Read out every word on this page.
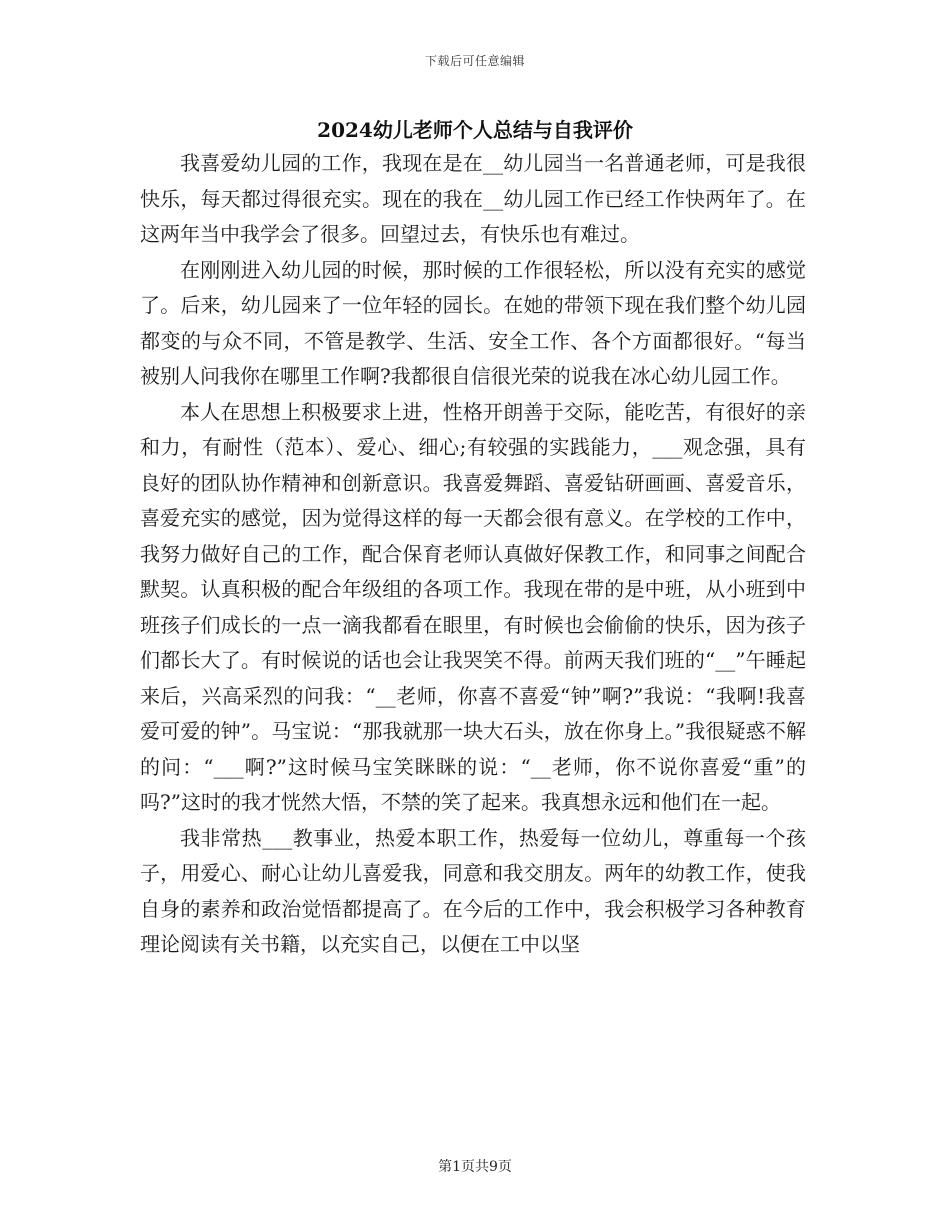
下载后可任意编辑
2024幼儿老师个人总结与自我评价

我喜爱幼儿园的工作，我现在是在__幼儿园当一名普通老师，可是我很快乐，每天都过得很充实。现在的我在__幼儿园工作已经工作快两年了。在这两年当中我学会了很多。回望过去，有快乐也有难过。

在刚刚进入幼儿园的时候，那时候的工作很轻松，所以没有充实的感觉了。后来，幼儿园来了一位年轻的园长。在她的带领下现在我们整个幼儿园都变的与众不同，不管是教学、生活、安全工作、各个方面都很好。“每当被别人问我你在哪里工作啊?我都很自信很光荣的说我在冰心幼儿园工作。

本人在思想上积极要求上进，性格开朗善于交际，能吃苦，有很好的亲和力，有耐性（范本）、爱心、细心;有较强的实践能力，___观念强，具有良好的团队协作精神和创新意识。我喜爱舞蹈、喜爱钻研画画、喜爱音乐，喜爱充实的感觉，因为觉得这样的每一天都会很有意义。在学校的工作中，我努力做好自己的工作，配合保育老师认真做好保教工作，和同事之间配合默契。认真积极的配合年级组的各项工作。我现在带的是中班，从小班到中班孩子们成长的一点一滴我都看在眼里，有时候也会偷偷的快乐，因为孩子们都长大了。有时候说的话也会让我哭笑不得。前两天我们班的“__”午睡起来后，兴高采烈的问我：“__老师，你喜不喜爱“钟”啊?”我说：“我啊!我喜爱可爱的钟”。马宝说：“那我就那一块大石头，放在你身上。”我很疑惑不解的问：“___啊?”这时候马宝笑眯眯的说：“__老师，你不说你喜爱“重”的吗?”这时的我才恍然大悟，不禁的笑了起来。我真想永远和他们在一起。

我非常热___教事业，热爱本职工作，热爱每一位幼儿，尊重每一个孩子，用爱心、耐心让幼儿喜爱我，同意和我交朋友。两年的幼教工作，使我自身的素养和政治觉悟都提高了。在今后的工作中，我会积极学习各种教育理论阅读有关书籍，以充实自己，以便在工中以坚

第1页共9页
